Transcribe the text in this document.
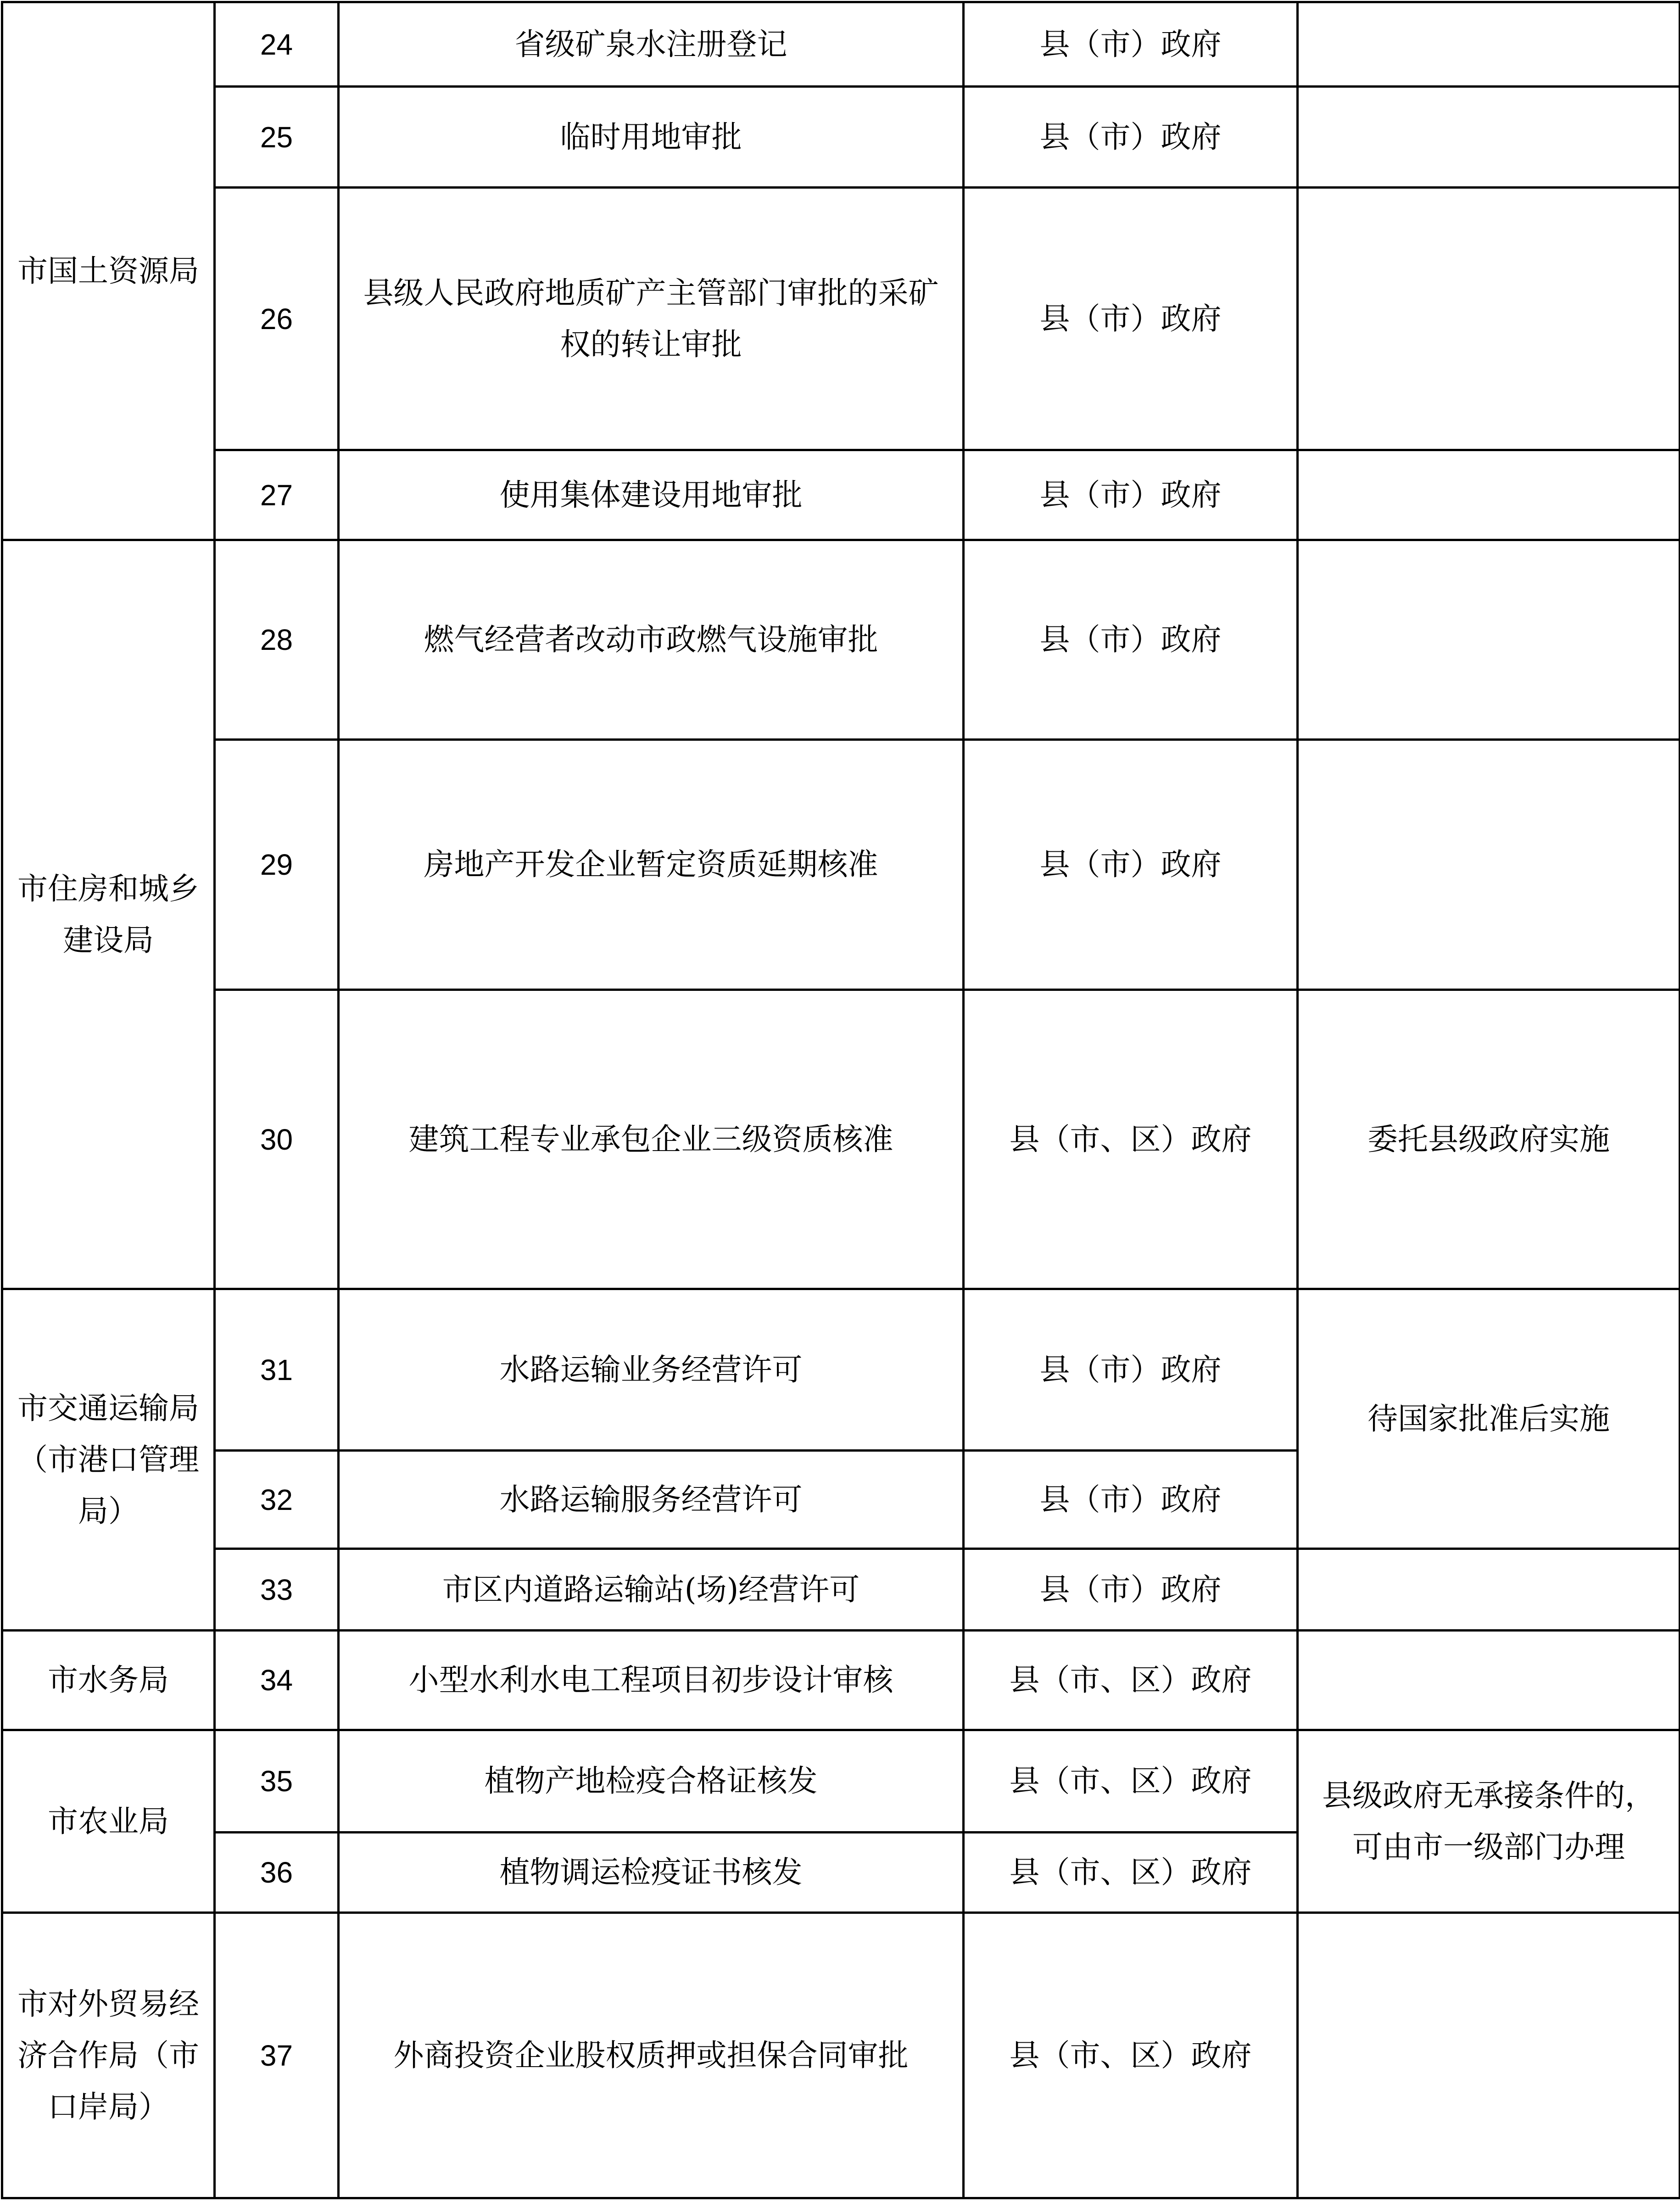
市国土资源局	24	省级矿泉水注册登记	县（市）政府	
	25	临时用地审批	县（市）政府	
	26	县级人民政府地质矿产主管部门审批的采矿权的转让审批	县（市）政府	
	27	使用集体建设用地审批	县（市）政府	
市住房和城乡建设局	28	燃气经营者改动市政燃气设施审批	县（市）政府	
	29	房地产开发企业暂定资质延期核准	县（市）政府	
	30	建筑工程专业承包企业三级资质核准	县（市、区）政府	委托县级政府实施
市交通运输局（市港口管理局）	31	水路运输业务经营许可	县（市）政府	待国家批准后实施
	32	水路运输服务经营许可	县（市）政府	
	33	市区内道路运输站(场)经营许可	县（市）政府	
市水务局	34	小型水利水电工程项目初步设计审核	县（市、区）政府	
市农业局	35	植物产地检疫合格证核发	县（市、区）政府	县级政府无承接条件的，可由市一级部门办理
	36	植物调运检疫证书核发	县（市、区）政府	
市对外贸易经济合作局（市口岸局）	37	外商投资企业股权质押或担保合同审批	县（市、区）政府	
